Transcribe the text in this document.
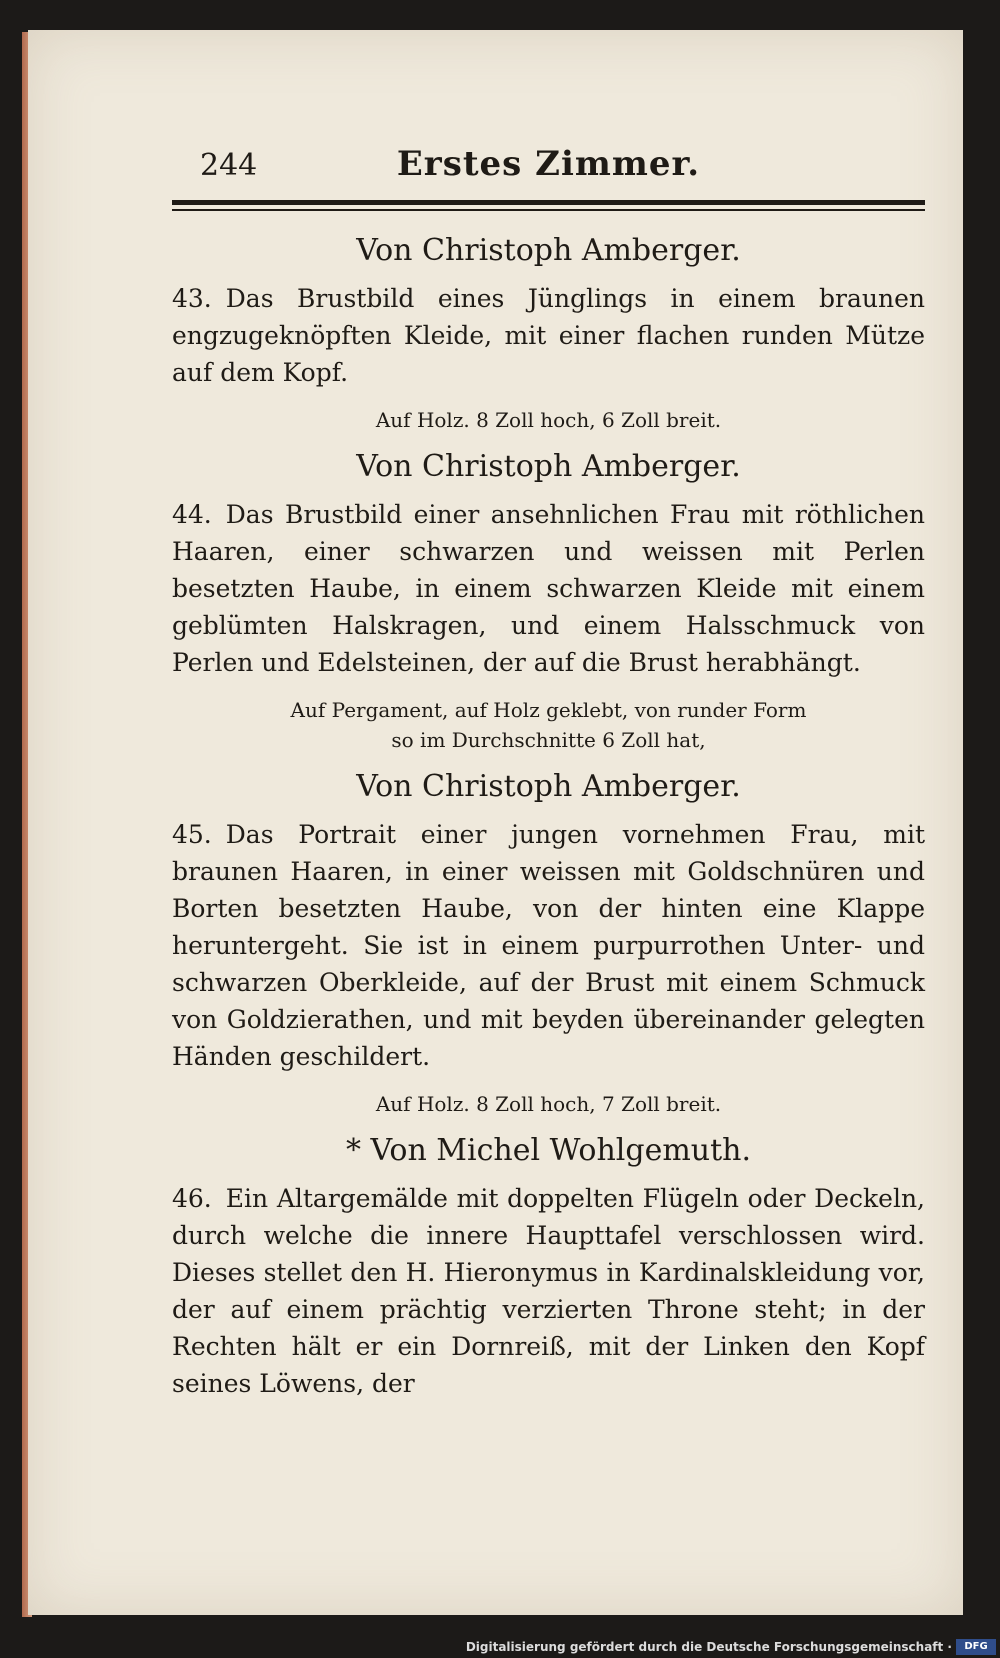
244	Erstes Zimmer.
Von Christoph Amberger.

43. Das Brustbild eines Jünglings in einem braunen engzugeknöpften Kleide, mit einer flachen runden Mütze auf dem Kopf.

Auf Holz. 8 Zoll hoch, 6 Zoll breit.
Von Christoph Amberger.

44. Das Brustbild einer ansehnlichen Frau mit röthlichen Haaren, einer schwarzen und weissen mit Perlen besetzten Haube, in einem schwarzen Kleide mit einem geblümten Halskragen, und einem Halsschmuck von Perlen und Edelsteinen, der auf die Brust herabhängt.

Auf Pergament, auf Holz geklebt, von runder Form
so im Durchschnitte 6 Zoll hat,
Von Christoph Amberger.

45. Das Portrait einer jungen vornehmen Frau, mit braunen Haaren, in einer weissen mit Goldschnüren und Borten besetzten Haube, von der hinten eine Klappe heruntergeht. Sie ist in einem purpurrothen Unter- und schwarzen Oberkleide, auf der Brust mit einem Schmuck von Goldzierathen, und mit beyden übereinander gelegten Händen geschildert.

Auf Holz. 8 Zoll hoch, 7 Zoll breit.
* Von Michel Wohlgemuth.

46. Ein Altargemälde mit doppelten Flügeln oder Deckeln, durch welche die innere Haupttafel verschlossen wird. Dieses stellet den H. Hieronymus in Kardinalskleidung vor, der auf einem prächtig verzierten Throne steht; in der Rechten hält er ein Dornreiß, mit der Linken den Kopf seines Löwens, der

Digitalisierung gefördert durch die Deutsche Forschungsgemeinschaft ·	DFG
